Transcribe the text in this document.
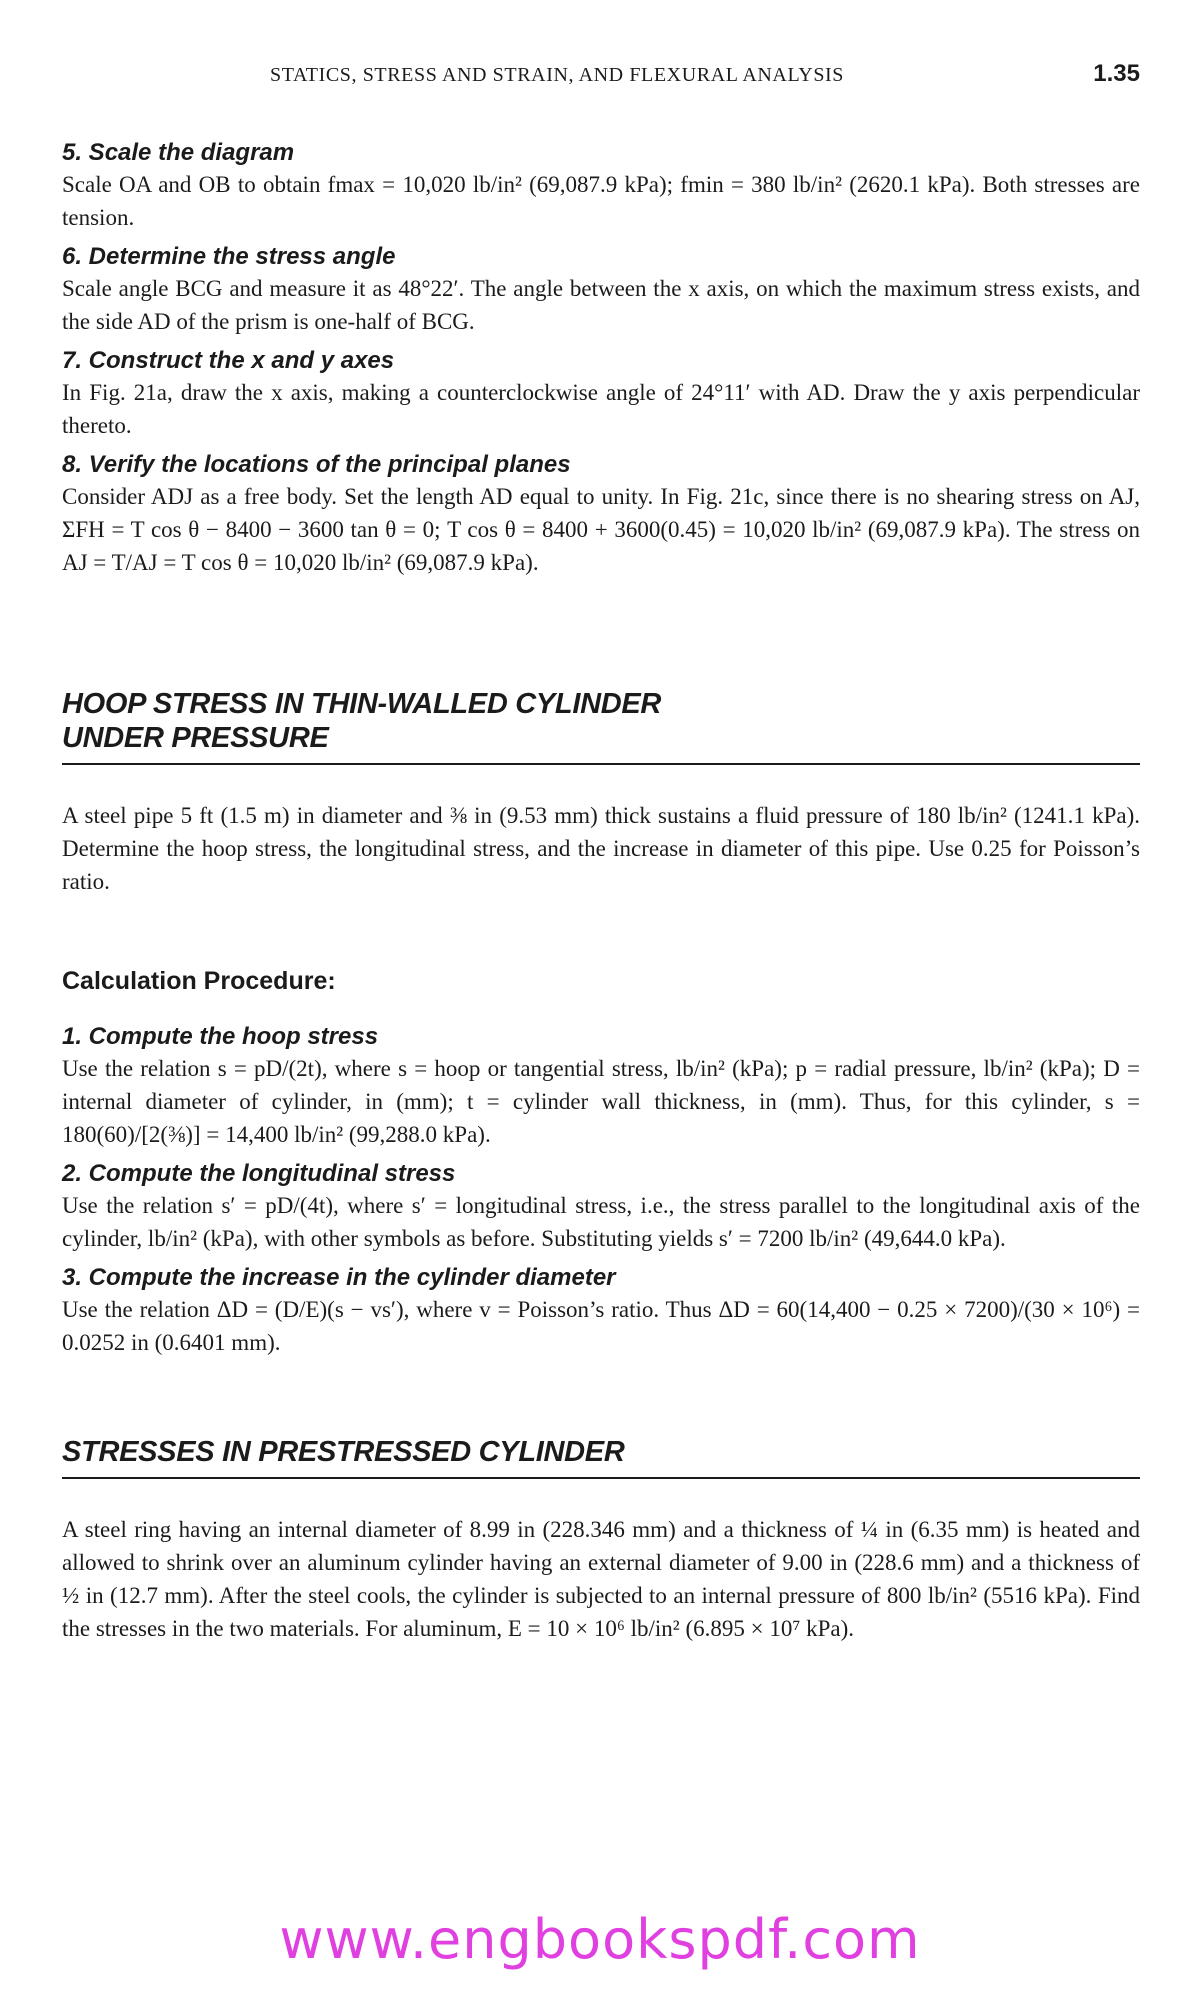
STATICS, STRESS AND STRAIN, AND FLEXURAL ANALYSIS	1.35
5. Scale the diagram

Scale OA and OB to obtain fmax = 10,020 lb/in² (69,087.9 kPa); fmin = 380 lb/in² (2620.1 kPa). Both stresses are tension.

6. Determine the stress angle

Scale angle BCG and measure it as 48°22′. The angle between the x axis, on which the maximum stress exists, and the side AD of the prism is one-half of BCG.

7. Construct the x and y axes

In Fig. 21a, draw the x axis, making a counterclockwise angle of 24°11′ with AD. Draw the y axis perpendicular thereto.

8. Verify the locations of the principal planes

Consider ADJ as a free body. Set the length AD equal to unity. In Fig. 21c, since there is no shearing stress on AJ, ΣFH = T cos θ − 8400 − 3600 tan θ = 0; T cos θ = 8400 + 3600(0.45) = 10,020 lb/in² (69,087.9 kPa). The stress on AJ = T/AJ = T cos θ = 10,020 lb/in² (69,087.9 kPa).

HOOP STRESS IN THIN-WALLED CYLINDER
UNDER PRESSURE

A steel pipe 5 ft (1.5 m) in diameter and ⅜ in (9.53 mm) thick sustains a fluid pressure of 180 lb/in² (1241.1 kPa). Determine the hoop stress, the longitudinal stress, and the increase in diameter of this pipe. Use 0.25 for Poisson’s ratio.

Calculation Procedure:
1. Compute the hoop stress

Use the relation s = pD/(2t), where s = hoop or tangential stress, lb/in² (kPa); p = radial pressure, lb/in² (kPa); D = internal diameter of cylinder, in (mm); t = cylinder wall thickness, in (mm). Thus, for this cylinder, s = 180(60)/[2(⅜)] = 14,400 lb/in² (99,288.0 kPa).

2. Compute the longitudinal stress

Use the relation s′ = pD/(4t), where s′ = longitudinal stress, i.e., the stress parallel to the longitudinal axis of the cylinder, lb/in² (kPa), with other symbols as before. Substituting yields s′ = 7200 lb/in² (49,644.0 kPa).

3. Compute the increase in the cylinder diameter

Use the relation ΔD = (D/E)(s − vs′), where v = Poisson’s ratio. Thus ΔD = 60(14,400 − 0.25 × 7200)/(30 × 10⁶) = 0.0252 in (0.6401 mm).

STRESSES IN PRESTRESSED CYLINDER

A steel ring having an internal diameter of 8.99 in (228.346 mm) and a thickness of ¼ in (6.35 mm) is heated and allowed to shrink over an aluminum cylinder having an external diameter of 9.00 in (228.6 mm) and a thickness of ½ in (12.7 mm). After the steel cools, the cylinder is subjected to an internal pressure of 800 lb/in² (5516 kPa). Find the stresses in the two materials. For aluminum, E = 10 × 10⁶ lb/in² (6.895 × 10⁷ kPa).

www.engbookspdf.com
